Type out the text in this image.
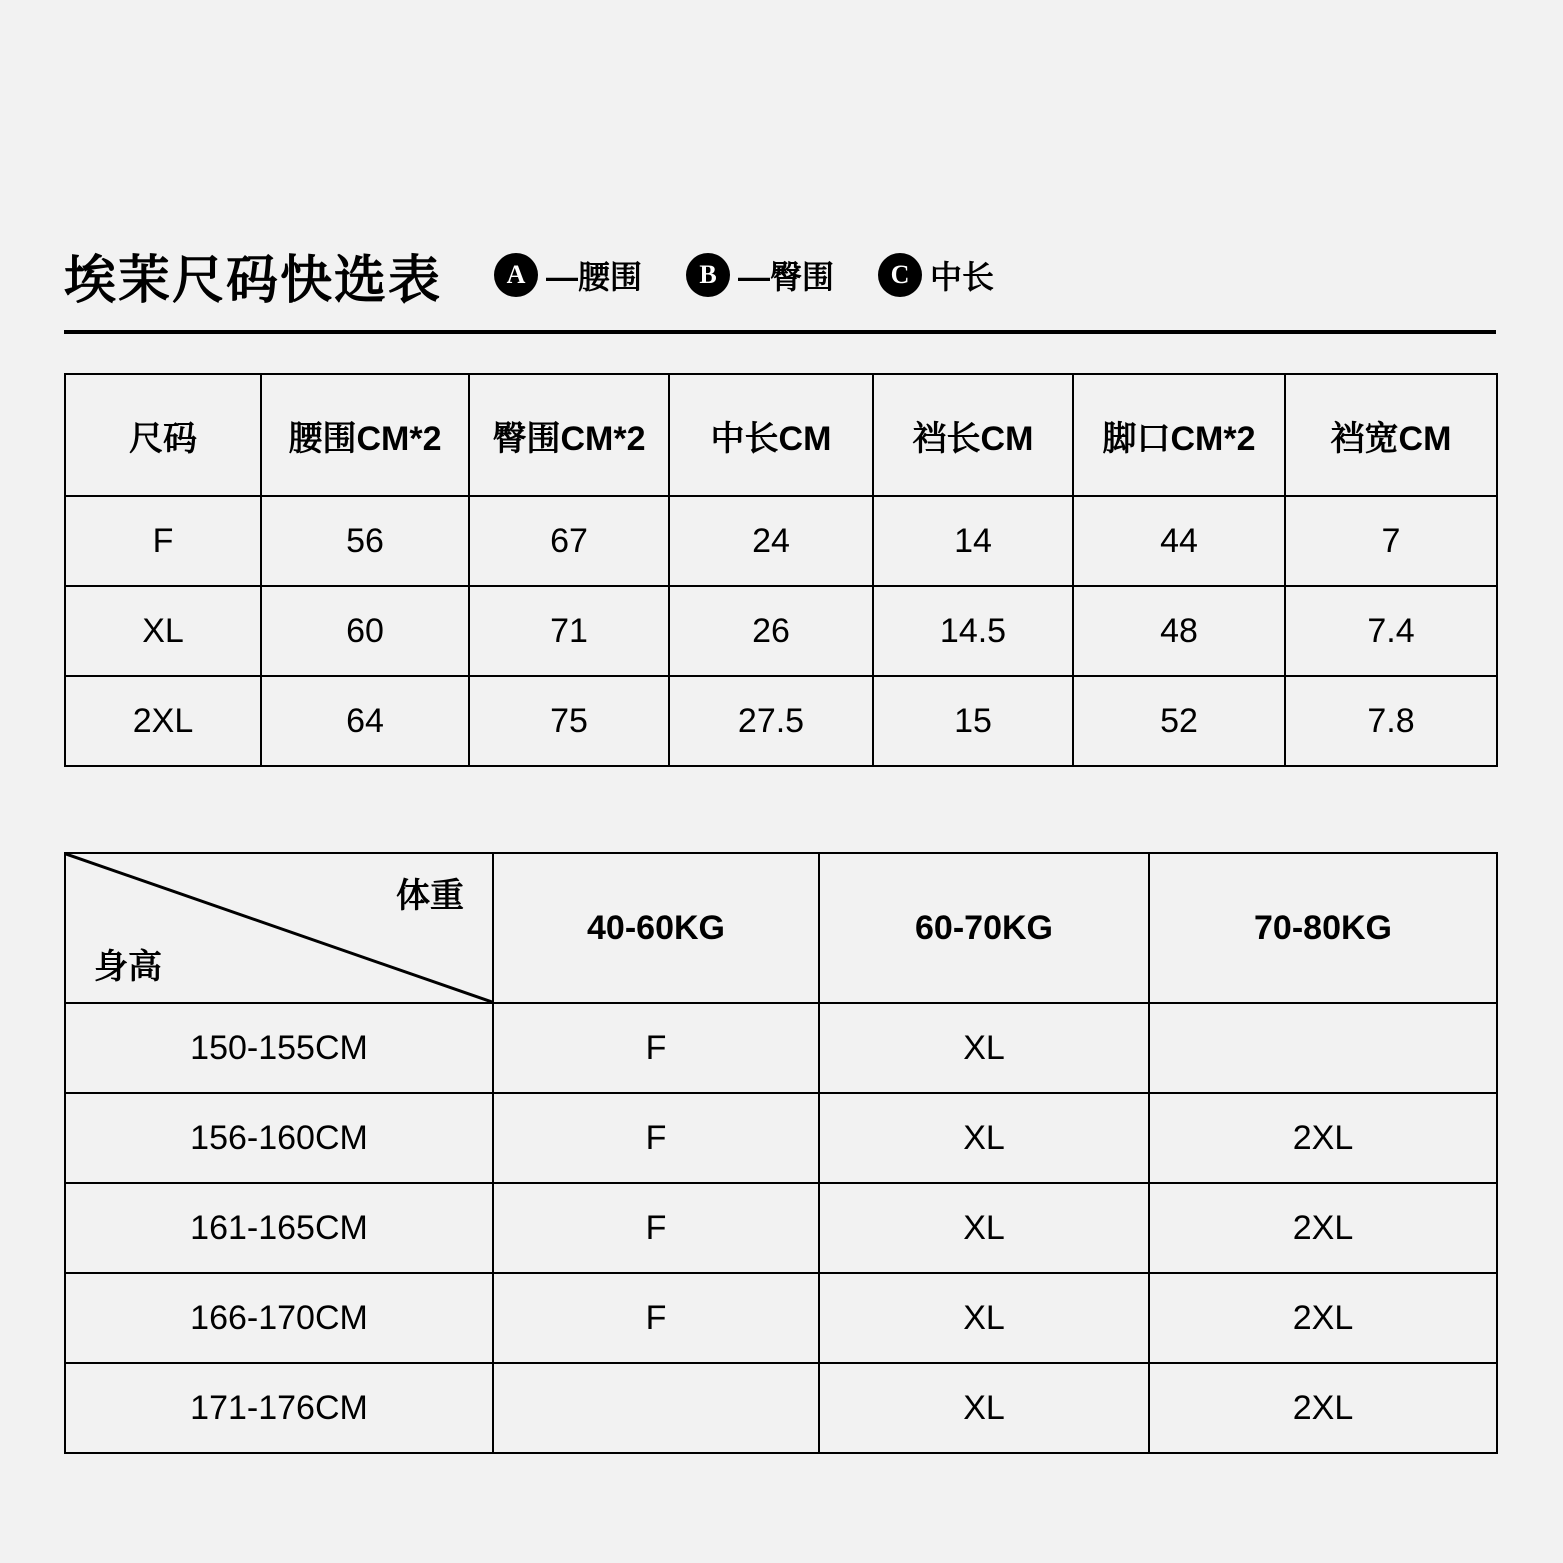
埃茉尺码快选表	A —腰围	B —臀围	C 中长
尺码	腰围CM*2	臀围CM*2	中长CM	裆长CM	脚口CM*2	裆宽CM
F	56	67	24	14	44	7
XL	60	71	26	14.5	48	7.4
2XL	64	75	27.5	15	52	7.8
体重
身高	40-60KG	60-70KG	70-80KG
150-155CM	F	XL	
156-160CM	F	XL	2XL
161-165CM	F	XL	2XL
166-170CM	F	XL	2XL
171-176CM		XL	2XL
